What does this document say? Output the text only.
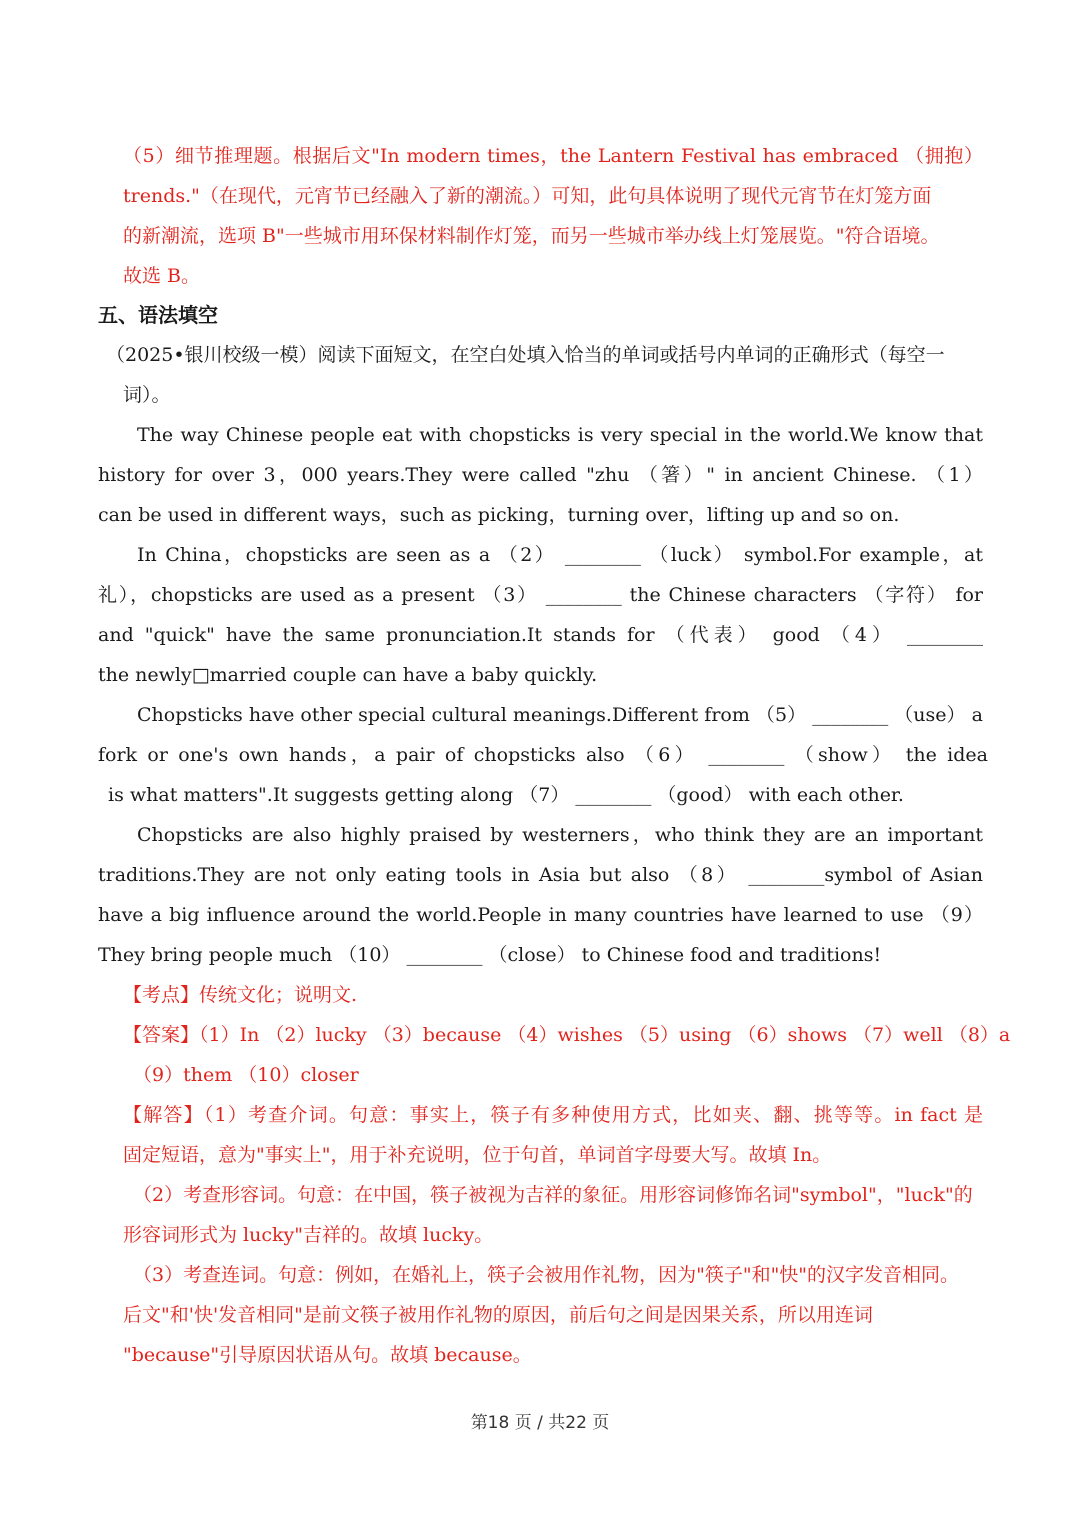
（5）细节推理题。根据后文"In modern times，the Lantern Festival has embraced （拥抱）
trends."（在现代，元宵节已经融入了新的潮流。）可知，此句具体说明了现代元宵节在灯笼方面
的新潮流，选项 B"一些城市用环保材料制作灯笼，而另一些城市举办线上灯笼展览。"符合语境。
故选 B。
五、语法填空
（2025•银川校级一模）阅读下面短文，在空白处填入恰当的单词或括号内单词的正确形式（每空一
词）。
The way Chinese people eat with chopsticks is very special in the world.We know that
history for over 3，000 years.They were called "zhu （箸）" in ancient Chinese. （1）
can be used in different ways，such as picking，turning over，lifting up and so on.
In China，chopsticks are seen as a （2） ________ （luck） symbol.For example，at
礼），chopsticks are used as a present （3） ________ the Chinese characters （字符） for
and "quick" have the same pronunciation.It stands for （代表） good （4） ________
the newly□married couple can have a baby quickly.
Chopsticks have other special cultural meanings.Different from （5） ________ （use） a
fork or one's own hands，a pair of chopsticks also （6） ________ （show） the idea
is what matters".It suggests getting along （7） ________ （good） with each other.
Chopsticks are also highly praised by westerners，who think they are an important
traditions.They are not only eating tools in Asia but also （8） ________symbol of Asian
have a big influence around the world.People in many countries have learned to use （9）
They bring people much （10） ________ （close） to Chinese food and traditions!
【考点】传统文化；说明文.
【答案】（1）In （2）lucky （3）because （4）wishes （5）using （6）shows （7）well （8）a
（9）them （10）closer
【解答】（1）考查介词。句意：事实上，筷子有多种使用方式，比如夹、翻、挑等等。in fact 是
固定短语，意为"事实上"，用于补充说明，位于句首，单词首字母要大写。故填 In。
（2）考查形容词。句意：在中国，筷子被视为吉祥的象征。用形容词修饰名词"symbol"，"luck"的
形容词形式为 lucky"吉祥的。故填 lucky。
（3）考查连词。句意：例如，在婚礼上，筷子会被用作礼物，因为"筷子"和"快"的汉字发音相同。
后文"和'快'发音相同"是前文筷子被用作礼物的原因，前后句之间是因果关系，所以用连词
"because"引导原因状语从句。故填 because。
第18 页 / 共22 页
